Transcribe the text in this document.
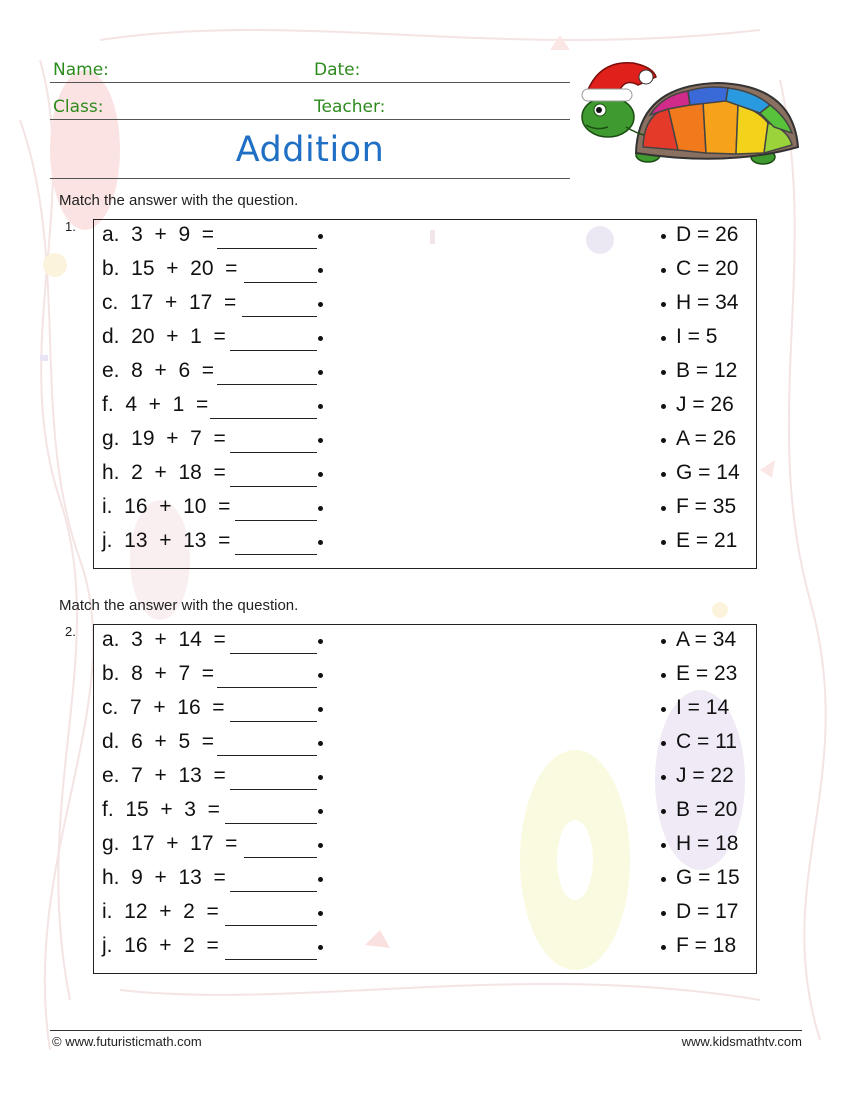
Name:	Date:
Class:	Teacher:
Addition
Match the answer with the question.
1. a.  3  +  9  =	D = 26
b.  15  +  20  =	C = 20
c.  17  +  17  =	H = 34
d.  20  +  1  =	I = 5
e.  8  +  6  =	B = 12
f.  4  +  1  =	J = 26
g.  19  +  7  =	A = 26
h.  2  +  18  =	G = 14
i.  16  +  10  =	F = 35
j.  13  +  13  =	E = 21
Match the answer with the question.
2. a.  3  +  14  =	A = 34
b.  8  +  7  =	E = 23
c.  7  +  16  =	I = 14
d.  6  +  5  =	C = 11
e.  7  +  13  =	J = 22
f.  15  +  3  =	B = 20
g.  17  +  17  =	H = 18
h.  9  +  13  =	G = 15
i.  12  +  2  =	D = 17
j.  16  +  2  =	F = 18
© www.futuristicmath.com	www.kidsmathtv.com
